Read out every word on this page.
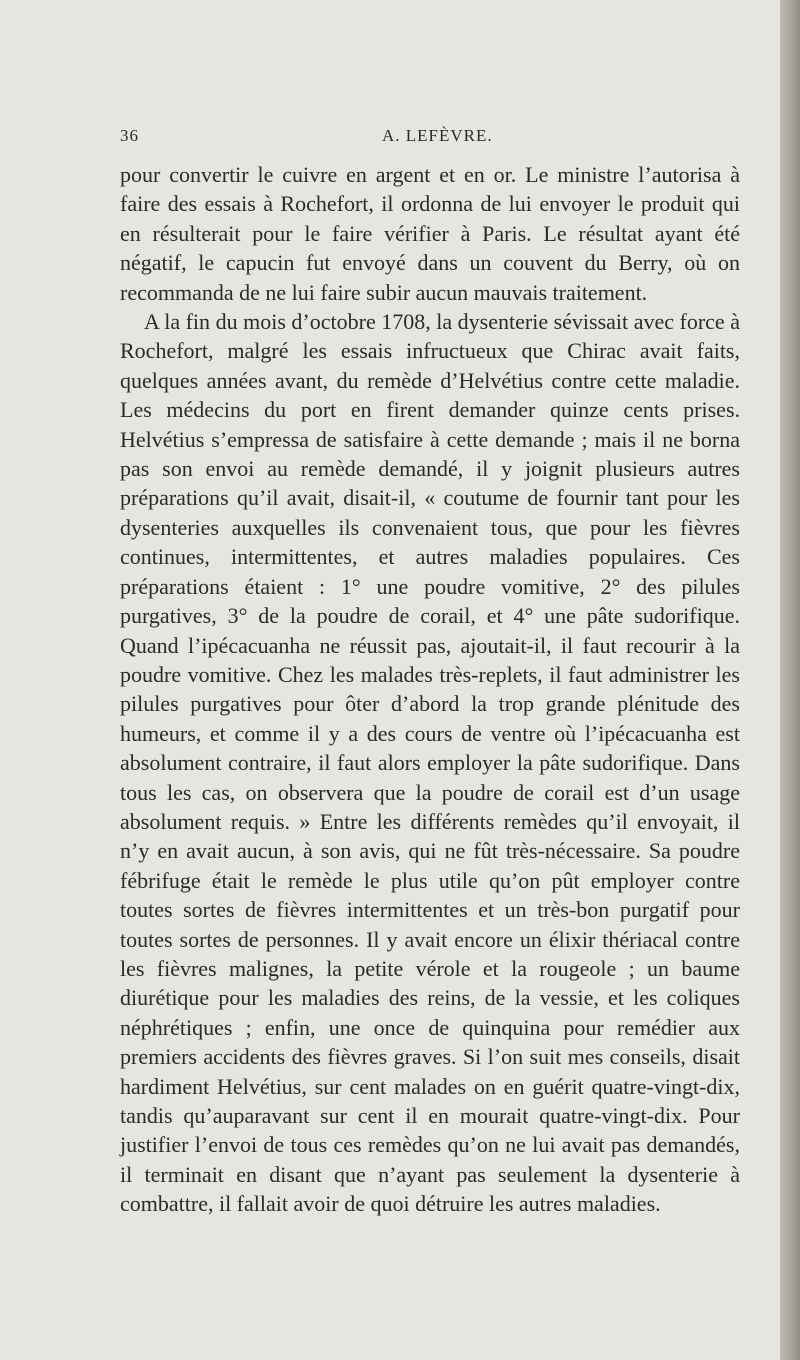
36	A. LEFÈVRE.

pour convertir le cuivre en argent et en or. Le ministre l’autorisa à faire des essais à Rochefort, il ordonna de lui envoyer le produit qui en résulterait pour le faire vérifier à Paris. Le résultat ayant été négatif, le capucin fut envoyé dans un couvent du Berry, où on recommanda de ne lui faire subir aucun mauvais traitement.

A la fin du mois d’octobre 1708, la dysenterie sévissait avec force à Rochefort, malgré les essais infructueux que Chirac avait faits, quelques années avant, du remède d’Helvétius contre cette maladie. Les médecins du port en firent demander quinze cents prises. Helvétius s’empressa de satisfaire à cette demande ; mais il ne borna pas son envoi au remède demandé, il y joignit plusieurs autres préparations qu’il avait, disait-il, « coutume de fournir tant pour les dysenteries auxquelles ils convenaient tous, que pour les fièvres continues, intermittentes, et autres maladies populaires. Ces préparations étaient : 1° une poudre vomitive, 2° des pilules purgatives, 3° de la poudre de corail, et 4° une pâte sudorifique. Quand l’ipécacuanha ne réussit pas, ajoutait-il, il faut recourir à la poudre vomitive. Chez les malades très-replets, il faut administrer les pilules purgatives pour ôter d’abord la trop grande plénitude des humeurs, et comme il y a des cours de ventre où l’ipécacuanha est absolument contraire, il faut alors employer la pâte sudorifique. Dans tous les cas, on observera que la poudre de corail est d’un usage absolument requis. » Entre les différents remèdes qu’il envoyait, il n’y en avait aucun, à son avis, qui ne fût très-nécessaire. Sa poudre fébrifuge était le remède le plus utile qu’on pût employer contre toutes sortes de fièvres intermittentes et un très-bon purgatif pour toutes sortes de personnes. Il y avait encore un élixir thériacal contre les fièvres malignes, la petite vérole et la rougeole ; un baume diurétique pour les maladies des reins, de la vessie, et les coliques néphrétiques ; enfin, une once de quinquina pour remédier aux premiers accidents des fièvres graves. Si l’on suit mes conseils, disait hardiment Helvétius, sur cent malades on en guérit quatre-vingt-dix, tandis qu’auparavant sur cent il en mourait quatre-vingt-dix. Pour justifier l’envoi de tous ces remèdes qu’on ne lui avait pas demandés, il terminait en disant que n’ayant pas seulement la dysenterie à combattre, il fallait avoir de quoi détruire les autres maladies.
